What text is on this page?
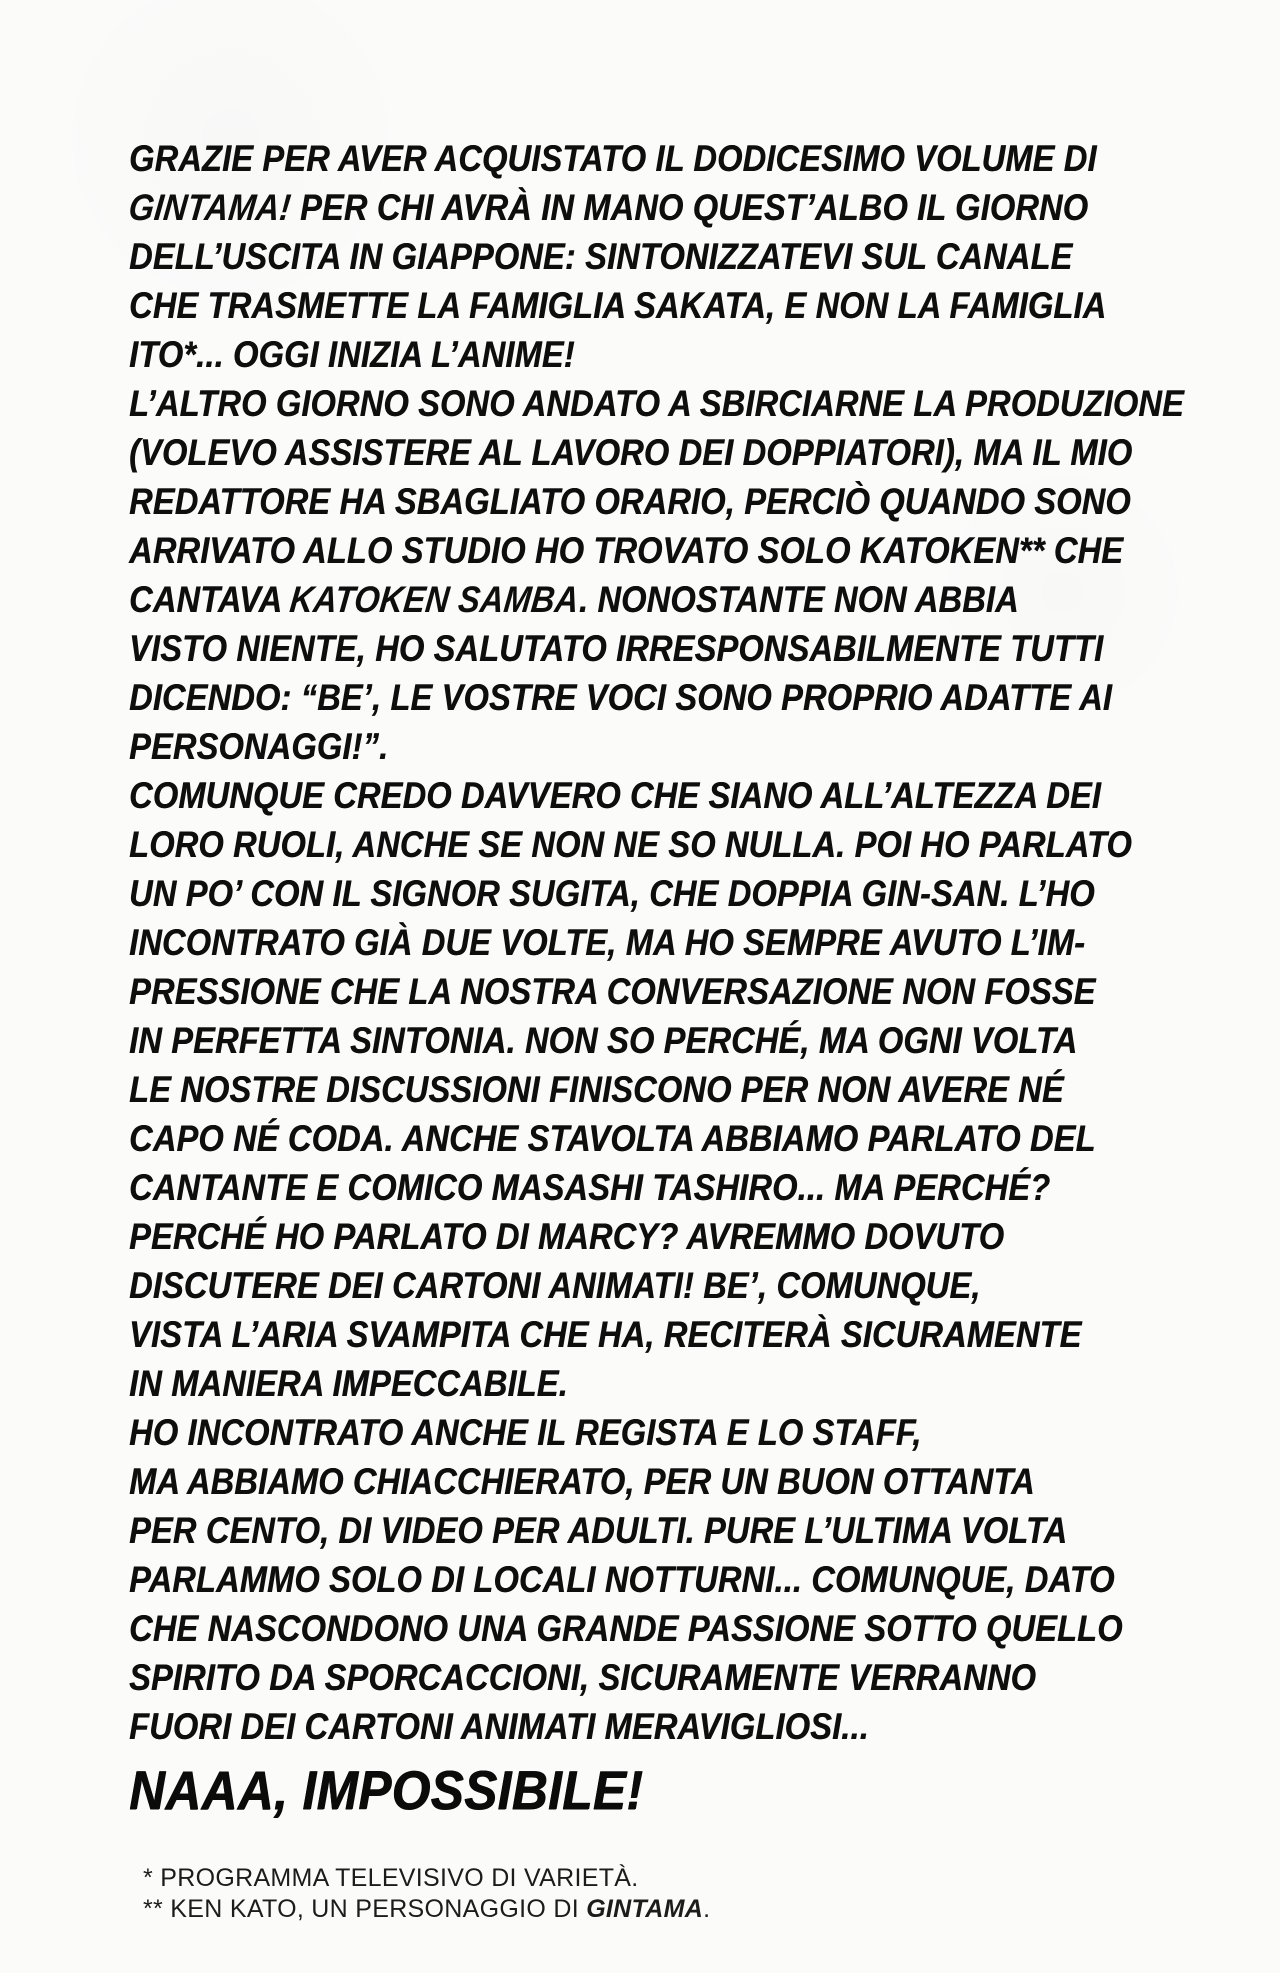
GRAZIE PER AVER ACQUISTATO IL DODICESIMO VOLUME DI
GINTAMA! PER CHI AVRÀ IN MANO QUEST’ALBO IL GIORNO
DELL’USCITA IN GIAPPONE: SINTONIZZATEVI SUL CANALE
CHE TRASMETTE LA FAMIGLIA SAKATA, E NON LA FAMIGLIA
ITO*... OGGI INIZIA L’ANIME!
L’ALTRO GIORNO SONO ANDATO A SBIRCIARNE LA PRODUZIONE
(VOLEVO ASSISTERE AL LAVORO DEI DOPPIATORI), MA IL MIO
REDATTORE HA SBAGLIATO ORARIO, PERCIÒ QUANDO SONO
ARRIVATO ALLO STUDIO HO TROVATO SOLO KATOKEN** CHE
CANTAVA KATOKEN SAMBA. NONOSTANTE NON ABBIA
VISTO NIENTE, HO SALUTATO IRRESPONSABILMENTE TUTTI
DICENDO: “BE’, LE VOSTRE VOCI SONO PROPRIO ADATTE AI
PERSONAGGI!”.
COMUNQUE CREDO DAVVERO CHE SIANO ALL’ALTEZZA DEI
LORO RUOLI, ANCHE SE NON NE SO NULLA. POI HO PARLATO
UN PO’ CON IL SIGNOR SUGITA, CHE DOPPIA GIN-SAN. L’HO
INCONTRATO GIÀ DUE VOLTE, MA HO SEMPRE AVUTO L’IM-
PRESSIONE CHE LA NOSTRA CONVERSAZIONE NON FOSSE
IN PERFETTA SINTONIA. NON SO PERCHÉ, MA OGNI VOLTA
LE NOSTRE DISCUSSIONI FINISCONO PER NON AVERE NÉ
CAPO NÉ CODA. ANCHE STAVOLTA ABBIAMO PARLATO DEL
CANTANTE E COMICO MASASHI TASHIRO... MA PERCHÉ?
PERCHÉ HO PARLATO DI MARCY? AVREMMO DOVUTO
DISCUTERE DEI CARTONI ANIMATI! BE’, COMUNQUE,
VISTA L’ARIA SVAMPITA CHE HA, RECITERÀ SICURAMENTE
IN MANIERA IMPECCABILE.
HO INCONTRATO ANCHE IL REGISTA E LO STAFF,
MA ABBIAMO CHIACCHIERATO, PER UN BUON OTTANTA
PER CENTO, DI VIDEO PER ADULTI. PURE L’ULTIMA VOLTA
PARLAMMO SOLO DI LOCALI NOTTURNI... COMUNQUE, DATO
CHE NASCONDONO UNA GRANDE PASSIONE SOTTO QUELLO
SPIRITO DA SPORCACCIONI, SICURAMENTE VERRANNO
FUORI DEI CARTONI ANIMATI MERAVIGLIOSI...
NAAA, IMPOSSIBILE!
* PROGRAMMA TELEVISIVO DI VARIETÀ.
** KEN KATO, UN PERSONAGGIO DI GINTAMA.
